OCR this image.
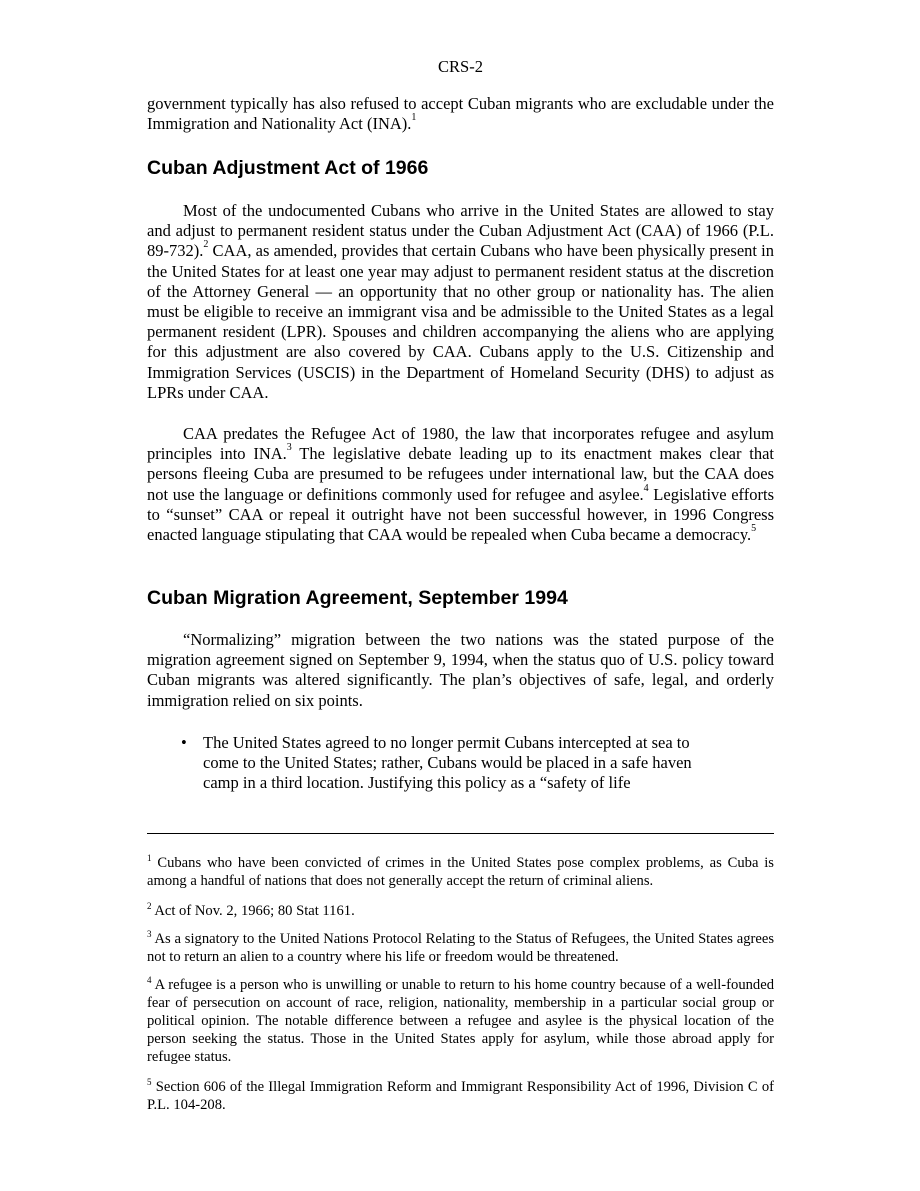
CRS-2

government typically has also refused to accept Cuban migrants who are excludable under the Immigration and Nationality Act (INA).$^1$

Cuban Adjustment Act of 1966

Most of the undocumented Cubans who arrive in the United States are allowed to stay and adjust to permanent resident status under the Cuban Adjustment Act (CAA) of 1966 (P.L. 89-732).$^2$ CAA, as amended, provides that certain Cubans who have been physically present in the United States for at least one year may adjust to permanent resident status at the discretion of the Attorney General — an opportunity that no other group or nationality has. The alien must be eligible to receive an immigrant visa and be admissible to the United States as a legal permanent resident (LPR). Spouses and children accompanying the aliens who are applying for this adjustment are also covered by CAA. Cubans apply to the U.S. Citizenship and Immigration Services (USCIS) in the Department of Homeland Security (DHS) to adjust as LPRs under CAA.

CAA predates the Refugee Act of 1980, the law that incorporates refugee and asylum principles into INA.$^3$ The legislative debate leading up to its enactment makes clear that persons fleeing Cuba are presumed to be refugees under international law, but the CAA does not use the language or definitions commonly used for refugee and asylee.$^4$ Legislative efforts to “sunset” CAA or repeal it outright have not been successful however, in 1996 Congress enacted language stipulating that CAA would be repealed when Cuba became a democracy.$^5$

Cuban Migration Agreement, September 1994

“Normalizing” migration between the two nations was the stated purpose of the migration agreement signed on September 9, 1994, when the status quo of U.S. policy toward Cuban migrants was altered significantly. The plan’s objectives of safe, legal, and orderly immigration relied on six points.

• The United States agreed to no longer permit Cubans intercepted at sea to come to the United States; rather, Cubans would be placed in a safe haven camp in a third location. Justifying this policy as a “safety of life

$^1$ Cubans who have been convicted of crimes in the United States pose complex problems, as Cuba is among a handful of nations that does not generally accept the return of criminal aliens.

$^2$ Act of Nov. 2, 1966; 80 Stat 1161.

$^3$ As a signatory to the United Nations Protocol Relating to the Status of Refugees, the United States agrees not to return an alien to a country where his life or freedom would be threatened.

$^4$ A refugee is a person who is unwilling or unable to return to his home country because of a well-founded fear of persecution on account of race, religion, nationality, membership in a particular social group or political opinion. The notable difference between a refugee and asylee is the physical location of the person seeking the status. Those in the United States apply for asylum, while those abroad apply for refugee status.

$^5$ Section 606 of the Illegal Immigration Reform and Immigrant Responsibility Act of 1996, Division C of P.L. 104-208.
